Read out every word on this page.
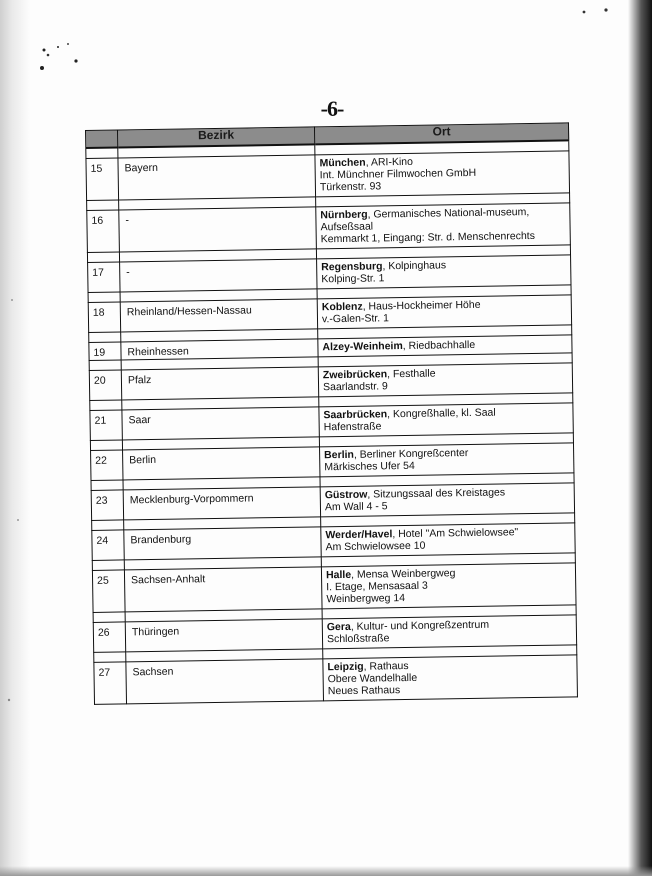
-6-
	Bezirk	Ort

15	Bayern	München, ARI-Kino
Int. Münchner Filmwochen GmbH
Türkenstr. 93

16	-	Nürnberg, Germanisches National-museum,
Aufseßsaal
Kemmarkt 1, Eingang: Str. d. Menschenrechts

17	-	Regensburg, Kolpinghaus
Kolping-Str. 1

18	Rheinland/Hessen-Nassau	Koblenz, Haus-Hockheimer Höhe
v.-Galen-Str. 1

19	Rheinhessen	Alzey-Weinheim, Riedbachhalle

20	Pfalz	Zweibrücken, Festhalle
Saarlandstr. 9

21	Saar	Saarbrücken, Kongreßhalle, kl. Saal
Hafenstraße

22	Berlin	Berlin, Berliner Kongreßcenter
Märkisches Ufer 54

23	Mecklenburg-Vorpommern	Güstrow, Sitzungssaal des Kreistages
Am Wall 4 - 5

24	Brandenburg	Werder/Havel, Hotel "Am Schwielowsee"
Am Schwielowsee 10

25	Sachsen-Anhalt	Halle, Mensa Weinbergweg
I. Etage, Mensasaal 3
Weinbergweg 14

26	Thüringen	Gera, Kultur- und Kongreßzentrum
Schloßstraße

27	Sachsen	Leipzig, Rathaus
Obere Wandelhalle
Neues Rathaus
